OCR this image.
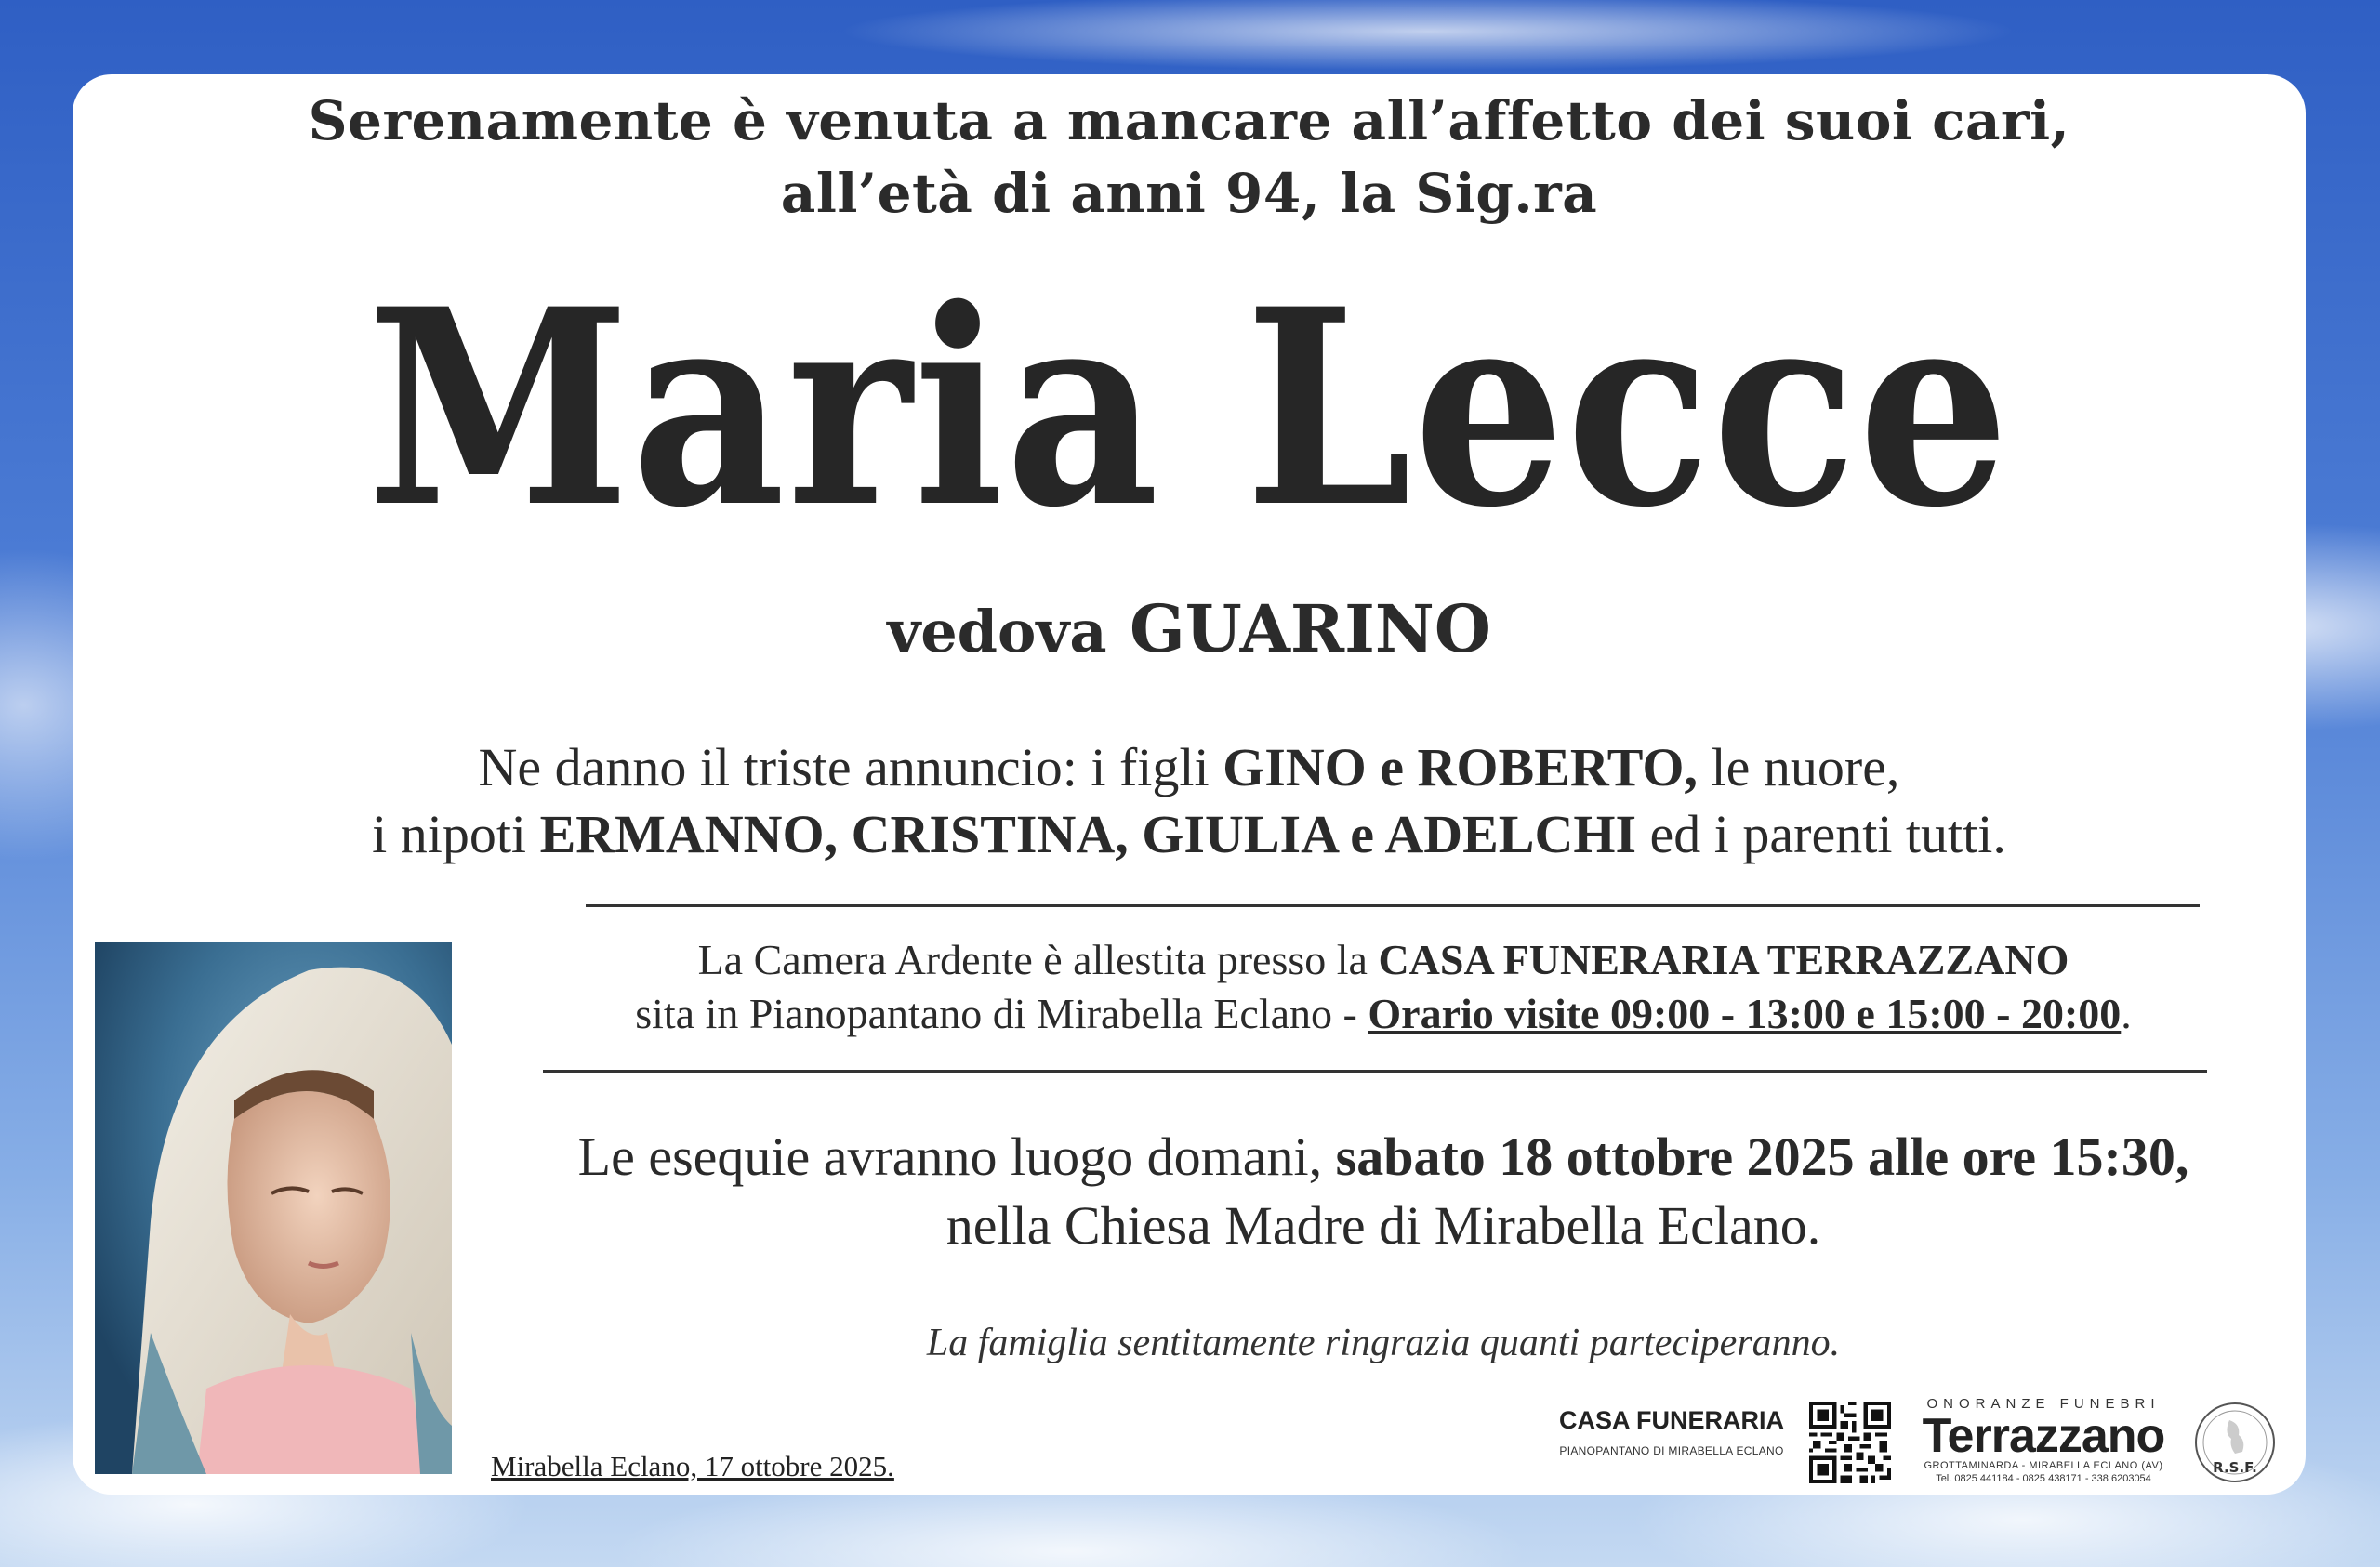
Serenamente è venuta a mancare all’affetto dei suoi cari,
all’età di anni 94, la Sig.ra
Maria Lecce
vedova GUARINO
Ne danno il triste annuncio: i figli GINO e ROBERTO, le nuore,
i nipoti ERMANNO, CRISTINA, GIULIA e ADELCHI ed i parenti tutti.
La Camera Ardente è allestita presso la CASA FUNERARIA TERRAZZANO
sita in Pianopantano di Mirabella Eclano - Orario visite 09:00 - 13:00 e 15:00 - 20:00.
Le esequie avranno luogo domani, sabato 18 ottobre 2025 alle ore 15:30,
nella Chiesa Madre di Mirabella Eclano.
La famiglia sentitamente ringrazia quanti parteciperanno.
Mirabella Eclano, 17 ottobre 2025.
CASA FUNERARIA
PIANOPANTANO DI MIRABELLA ECLANO
ONORANZE FUNEBRI
Terrazzano
GROTTAMINARDA - MIRABELLA ECLANO (AV)
Tel. 0825 441184 - 0825 438171 - 338 6203054
R.S.F.
